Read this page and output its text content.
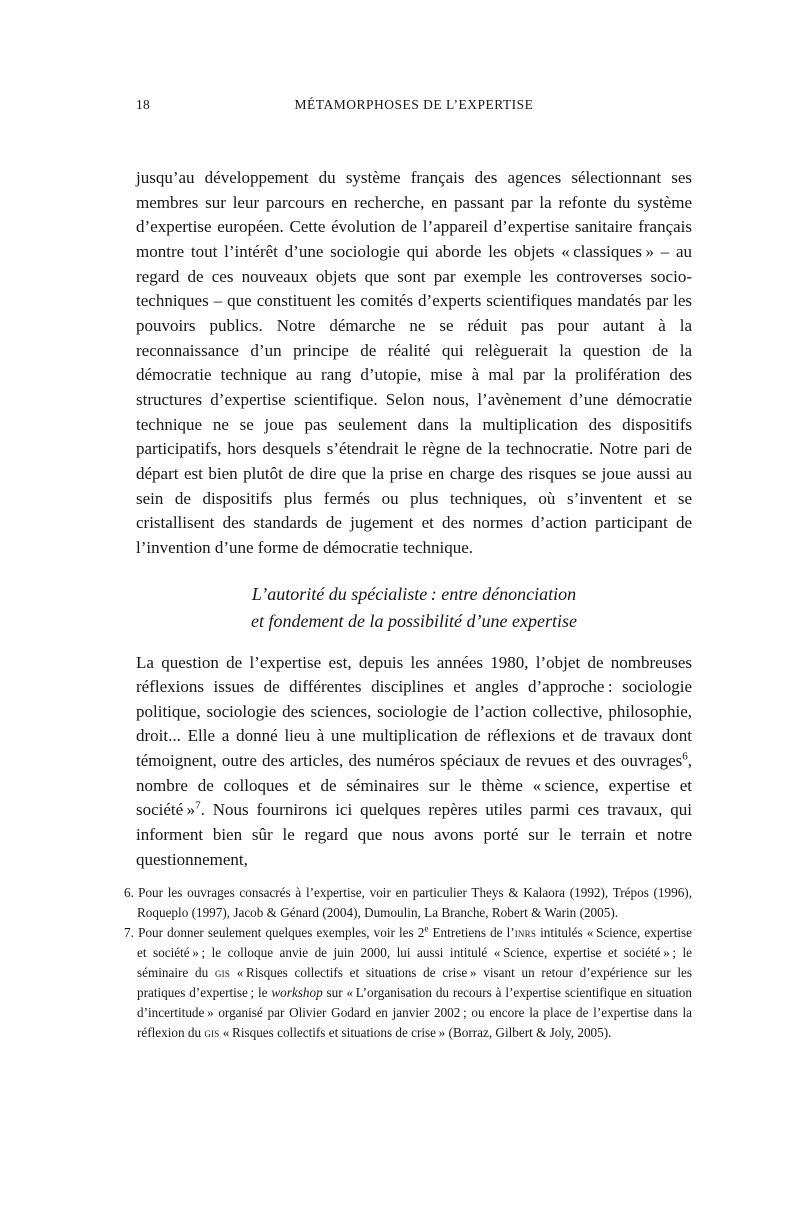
18	MÉTAMORPHOSES DE L’EXPERTISE

jusqu’au développement du système français des agences sélectionnant ses membres sur leur parcours en recherche, en passant par la refonte du système d’expertise européen. Cette évolution de l’appareil d’expertise sanitaire français montre tout l’intérêt d’une sociologie qui aborde les objets « classiques » – au regard de ces nouveaux objets que sont par exemple les controverses socio-techniques – que constituent les comités d’experts scientifiques mandatés par les pouvoirs publics. Notre démarche ne se réduit pas pour autant à la reconnaissance d’un principe de réalité qui relèguerait la question de la démocratie technique au rang d’utopie, mise à mal par la prolifération des structures d’expertise scientifique. Selon nous, l’avènement d’une démocratie technique ne se joue pas seulement dans la multiplication des dispositifs participatifs, hors desquels s’étendrait le règne de la technocratie. Notre pari de départ est bien plutôt de dire que la prise en charge des risques se joue aussi au sein de dispositifs plus fermés ou plus techniques, où s’inventent et se cristallisent des standards de jugement et des normes d’action participant de l’invention d’une forme de démocratie technique.

L’autorité du spécialiste : entre dénonciation
et fondement de la possibilité d’une expertise

La question de l’expertise est, depuis les années 1980, l’objet de nombreuses réflexions issues de différentes disciplines et angles d’approche : sociologie politique, sociologie des sciences, sociologie de l’action collective, philosophie, droit... Elle a donné lieu à une multiplication de réflexions et de travaux dont témoignent, outre des articles, des numéros spéciaux de revues et des ouvrages$^6$, nombre de colloques et de séminaires sur le thème « science, expertise et société »$^7$. Nous fournirons ici quelques repères utiles parmi ces travaux, qui informent bien sûr le regard que nous avons porté sur le terrain et notre questionnement,

6. Pour les ouvrages consacrés à l’expertise, voir en particulier Theys & Kalaora (1992), Trépos (1996), Roqueplo (1997), Jacob & Génard (2004), Dumoulin, La Branche, Robert & Warin (2005).

7. Pour donner seulement quelques exemples, voir les 2e Entretiens de l’inrs intitulés « Science, expertise et société » ; le colloque anvie de juin 2000, lui aussi intitulé « Science, expertise et société » ; le séminaire du gis « Risques collectifs et situations de crise » visant un retour d’expérience sur les pratiques d’expertise ; le workshop sur « L’organisation du recours à l’expertise scientifique en situation d’incertitude » organisé par Olivier Godard en janvier 2002 ; ou encore la place de l’expertise dans la réflexion du gis « Risques collectifs et situations de crise » (Borraz, Gilbert & Joly, 2005).
